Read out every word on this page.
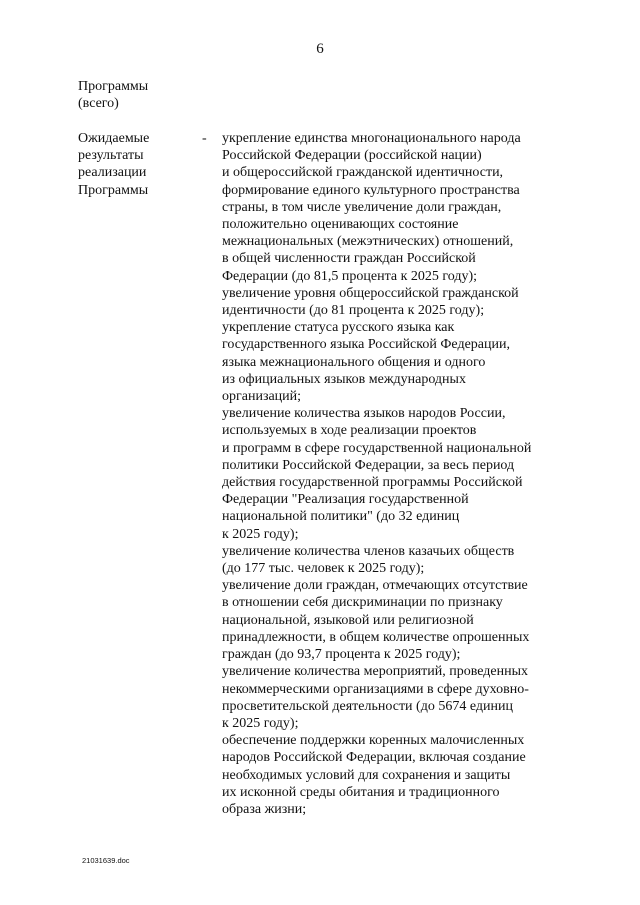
6
Программы
(всего)
Ожидаемые
результаты
реализации
Программы
- укрепление единства многонационального народа
Российской Федерации (российской нации)
и общероссийской гражданской идентичности,
формирование единого культурного пространства
страны, в том числе увеличение доли граждан,
положительно оценивающих состояние
межнациональных (межэтнических) отношений,
в общей численности граждан Российской
Федерации (до 81,5 процента к 2025 году);
увеличение уровня общероссийской гражданской
идентичности (до 81 процента к 2025 году);
укрепление статуса русского языка как
государственного языка Российской Федерации,
языка межнационального общения и одного
из официальных языков международных
организаций;
увеличение количества языков народов России,
используемых в ходе реализации проектов
и программ в сфере государственной национальной
политики Российской Федерации, за весь период
действия государственной программы Российской
Федерации "Реализация государственной
национальной политики" (до 32 единиц
к 2025 году);
увеличение количества членов казачьих обществ
(до 177 тыс. человек к 2025 году);
увеличение доли граждан, отмечающих отсутствие
в отношении себя дискриминации по признаку
национальной, языковой или религиозной
принадлежности, в общем количестве опрошенных
граждан (до 93,7 процента к 2025 году);
увеличение количества мероприятий, проведенных
некоммерческими организациями в сфере духовно-
просветительской деятельности (до 5674 единиц
к 2025 году);
обеспечение поддержки коренных малочисленных
народов Российской Федерации, включая создание
необходимых условий для сохранения и защиты
их исконной среды обитания и традиционного
образа жизни;
21031639.doc
